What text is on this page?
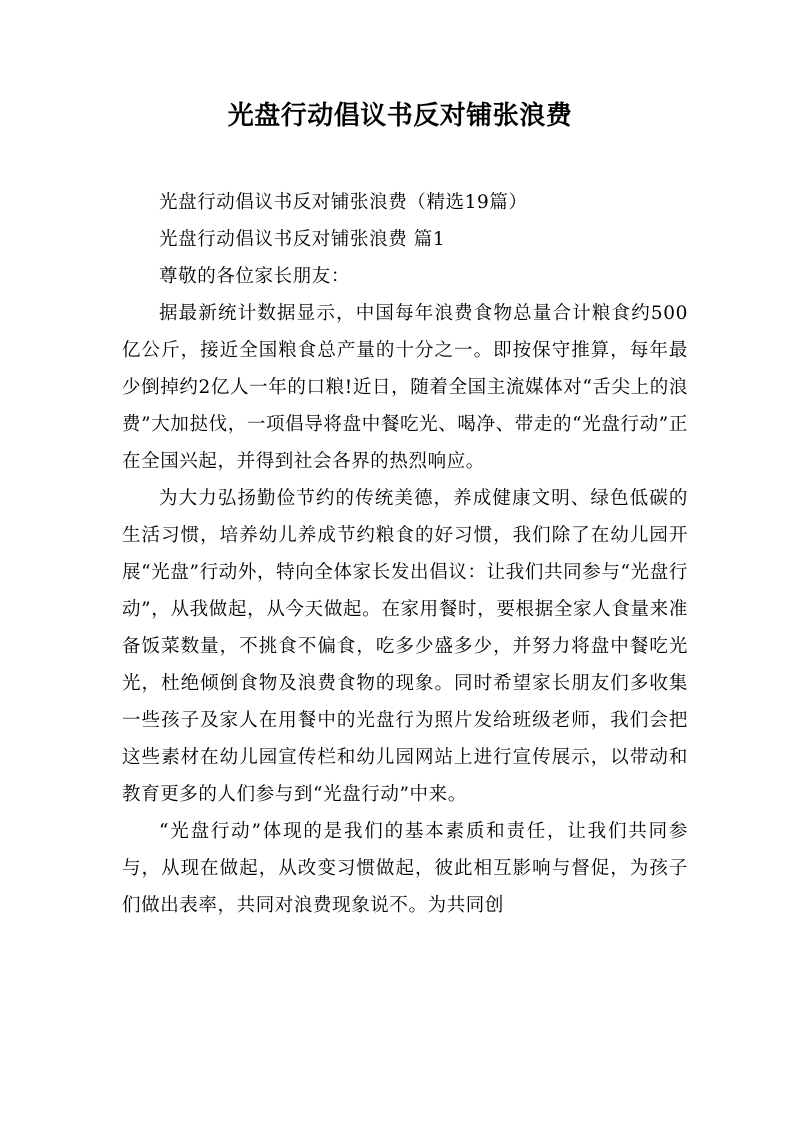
光盘行动倡议书反对铺张浪费

光盘行动倡议书反对铺张浪费（精选19篇）

光盘行动倡议书反对铺张浪费 篇1

尊敬的各位家长朋友：

据最新统计数据显示，中国每年浪费食物总量合计粮食约500亿公斤，接近全国粮食总产量的十分之一。即按保守推算，每年最少倒掉约2亿人一年的口粮!近日，随着全国主流媒体对“舌尖上的浪费”大加挞伐，一项倡导将盘中餐吃光、喝净、带走的“光盘行动”正在全国兴起，并得到社会各界的热烈响应。

为大力弘扬勤俭节约的传统美德，养成健康文明、绿色低碳的生活习惯，培养幼儿养成节约粮食的好习惯，我们除了在幼儿园开展“光盘”行动外，特向全体家长发出倡议：让我们共同参与“光盘行动”，从我做起，从今天做起。在家用餐时，要根据全家人食量来准备饭菜数量，不挑食不偏食，吃多少盛多少，并努力将盘中餐吃光光，杜绝倾倒食物及浪费食物的现象。同时希望家长朋友们多收集一些孩子及家人在用餐中的光盘行为照片发给班级老师，我们会把这些素材在幼儿园宣传栏和幼儿园网站上进行宣传展示，以带动和教育更多的人们参与到“光盘行动”中来。

“光盘行动”体现的是我们的基本素质和责任，让我们共同参与，从现在做起，从改变习惯做起，彼此相互影响与督促，为孩子们做出表率，共同对浪费现象说不。为共同创
